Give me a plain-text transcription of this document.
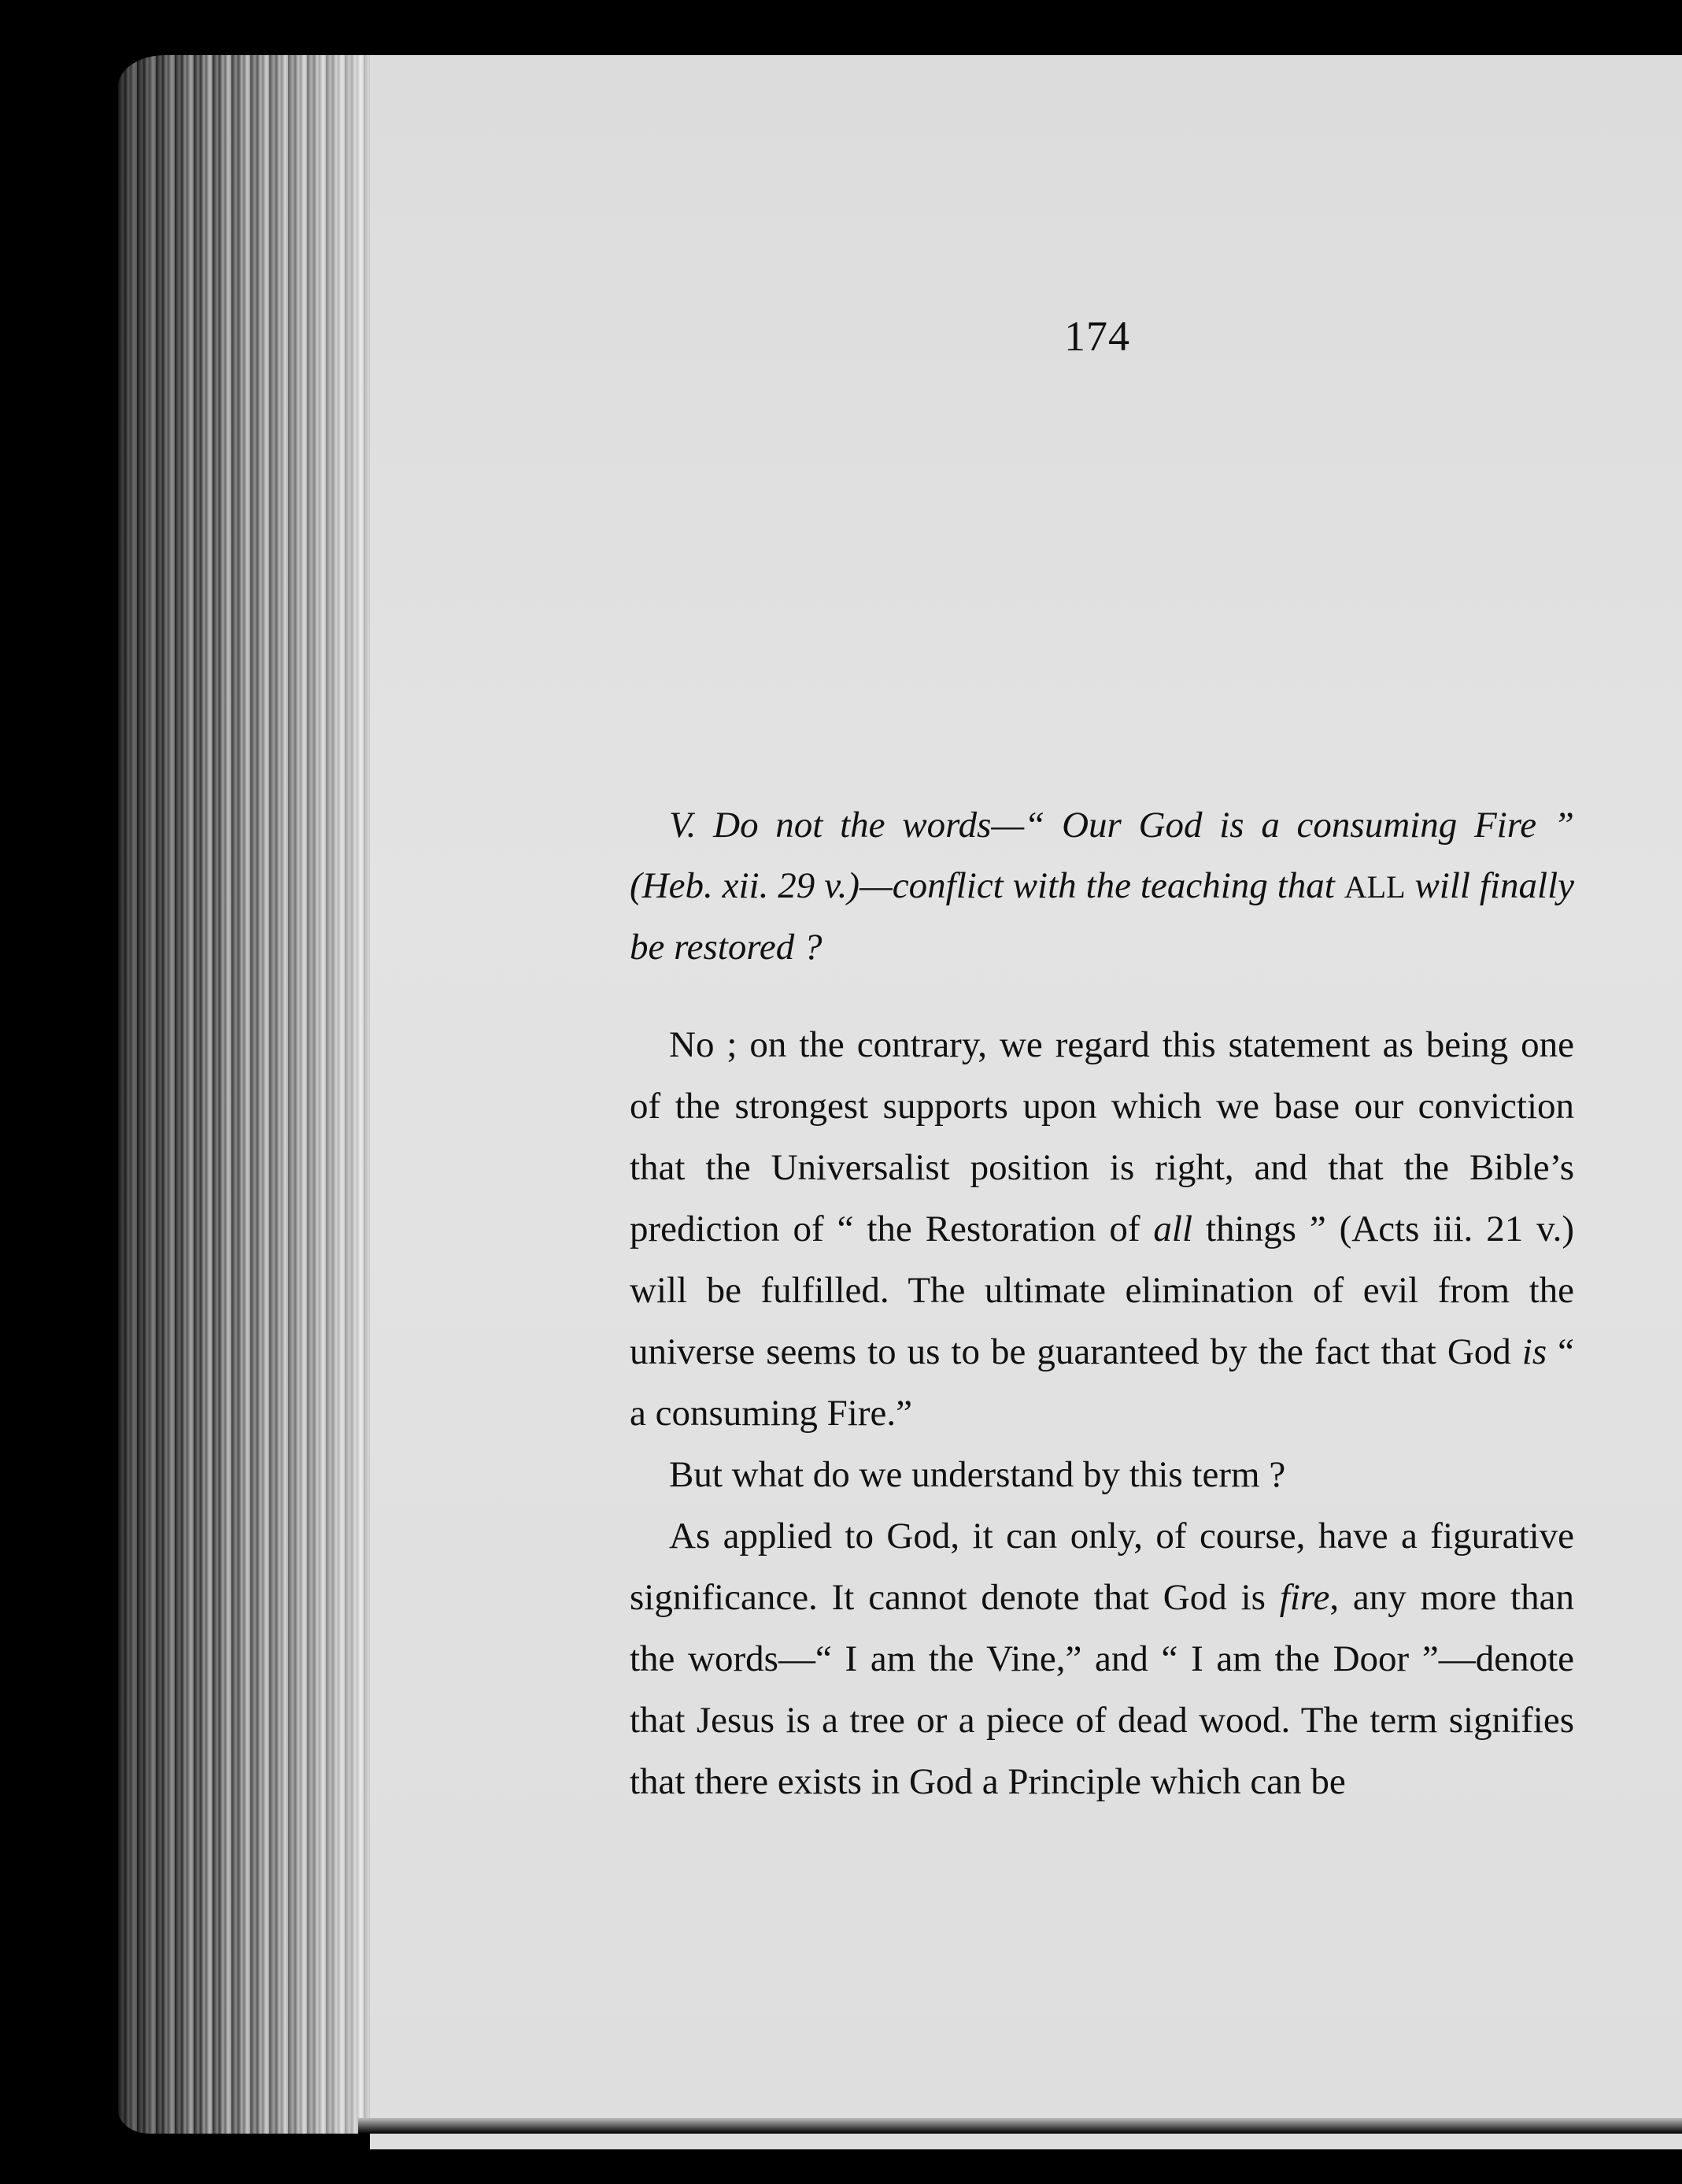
174

V. Do not the words—“ Our God is a consuming Fire ” (Heb. xii. 29 v.)—conflict with the teaching that ALL will finally be restored ?

No ; on the contrary, we regard this statement as being one of the strongest supports upon which we base our conviction that the Universalist position is right, and that the Bible’s prediction of “ the Restoration of all things ” (Acts iii. 21 v.) will be fulfilled. The ultimate elimination of evil from the universe seems to us to be guaranteed by the fact that God is “ a consuming Fire.”

But what do we understand by this term ?

As applied to God, it can only, of course, have a figurative significance. It cannot denote that God is fire, any more than the words—“ I am the Vine,” and “ I am the Door ”—denote that Jesus is a tree or a piece of dead wood. The term signifies that there exists in God a Principle which can be
